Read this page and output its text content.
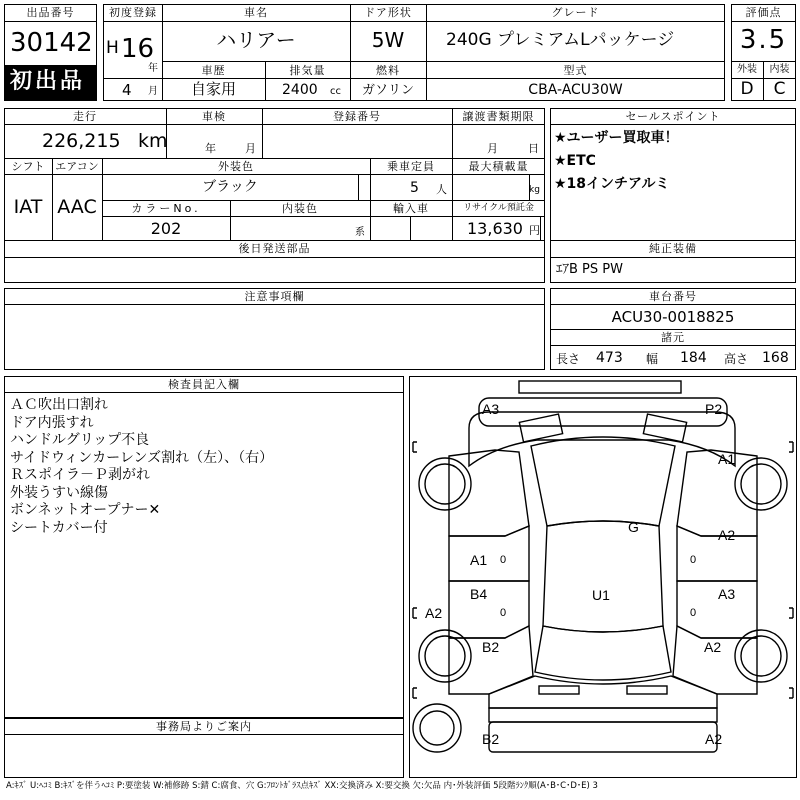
出品番号
30142
初出品
初度登録
H 16
年
4 月
車名
ハリアー
ドア形状
5W
グレード
240G プレミアムLパッケージ
車歴
自家用
排気量
2400 cc
燃料
ガソリン
型式
CBA-ACU30W
評価点
3.5
外装	内装
D	C
走行
226,215 km
車検
年	月
登録番号	譲渡書類期限
月	日
シフト
IAT
エアコン
AAC
外装色
ブラック
乗車定員
5 人
最大積載量
kg
カラーNo.
202
内装色
系
輸入車	リサイクル預託金
13,630 円
後日発送部品
セールスポイント
★ユーザー買取車！
★ETC
★18インチアルミ
純正装備
ｴｱB PS PW
注意事項欄	車台番号
ACU30-0018825
諸元
長さ 473 幅 184 高さ 168
検査員記入欄
ＡＣ吹出口割れ
ドア内張すれ
ハンドルグリップ不良
サイドウィンカーレンズ割れ（左）、（右）
Ｒスポイラ－Ｐ剥がれ
外装うすい線傷
ボンネットオープナー✕
シートカバー付
事務局よりご案内
A3	P2
A1
G
A1 0
A2
0
U1
B4
0
A3
0
A2
B2	A2
B2	A2
A:ｷｽﾞ U:ﾍｺﾐ B:ｷｽﾞを伴うﾍｺﾐ P:要塗装 W:補修跡 S:錆 C:腐食、穴 G:ﾌﾛﾝﾄｶﾞﾗｽ点ｷｽﾞ XX:交換済み X:要交換 欠:欠品 内･外装評価 5段階ﾗﾝｸ順(A･B･C･D･E) 3
